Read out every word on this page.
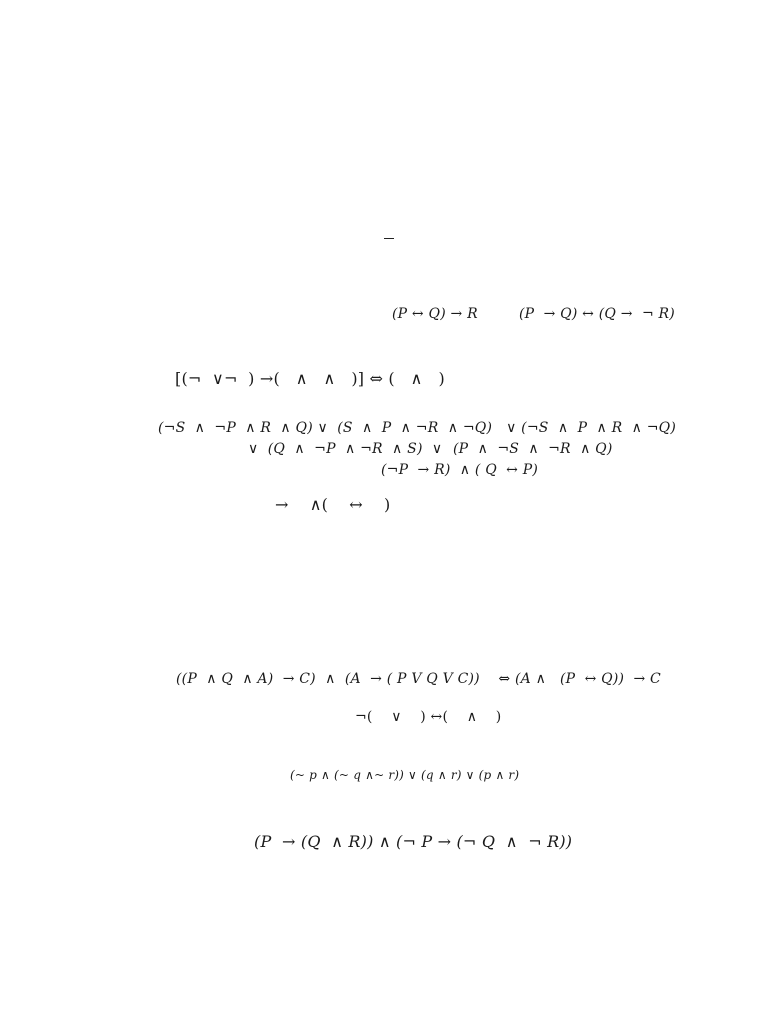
(P ↔ Q) → R	(P  → Q) ↔ (Q →  ¬ R)
[(¬  ∨¬  ) →(   ∧   ∧   )] ⇔ (   ∧   )
(¬S  ∧  ¬P  ∧ R  ∧ Q) ∨  (S  ∧  P  ∧ ¬R  ∧ ¬Q)   ∨ (¬S  ∧  P  ∧ R  ∧ ¬Q)
∨  (Q  ∧  ¬P  ∧ ¬R  ∧ S)  ∨ (P  ∧  ¬S  ∧  ¬R  ∧ Q)
(¬P  → R)  ∧ ( Q  ↔ P)
→    ∧(    ↔    )
((P  ∧ Q  ∧ A)  → C)  ∧  (A  → ( P V Q V C))    ⇔ (A ∧   (P  ↔ Q))  → C
¬(    ∨    ) ↔(    ∧    )
(~ p ∧ (~ q ∧~ r)) ∨ (q ∧ r) ∨ (p ∧ r)
(P  → (Q  ∧ R)) ∧ (¬ P → (¬ Q  ∧  ¬ R))
